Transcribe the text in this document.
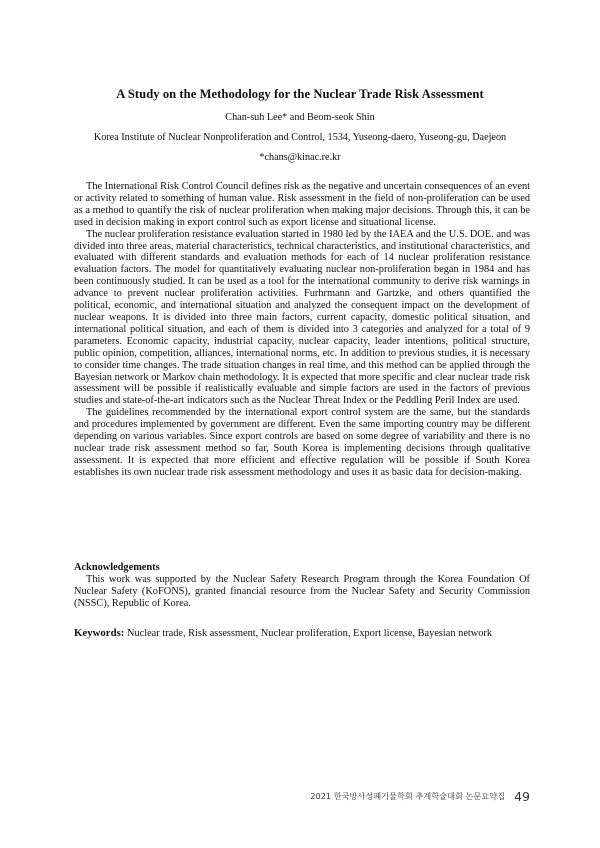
A Study on the Methodology for the Nuclear Trade Risk Assessment
Chan-suh Lee* and Beom-seok Shin
Korea Institute of Nuclear Nonproliferation and Control, 1534, Yuseong-daero, Yuseong-gu, Daejeon
*chans@kinac.re.kr

The International Risk Control Council defines risk as the negative and uncertain consequences of an event or activity related to something of human value. Risk assessment in the field of non-proliferation can be used as a method to quantify the risk of nuclear proliferation when making major decisions. Through this, it can be used in decision making in export control such as export license and situational license.

The nuclear proliferation resistance evaluation started in 1980 led by the IAEA and the U.S. DOE. and was divided into three areas, material characteristics, technical characteristics, and institutional characteristics, and evaluated with different standards and evaluation methods for each of 14 nuclear proliferation resistance evaluation factors. The model for quantitatively evaluating nuclear non-proliferation began in 1984 and has been continuously studied. It can be used as a tool for the international community to derive risk warnings in advance to prevent nuclear proliferation activities. Furhrmann and Gartzke, and others quantified the political, economic, and international situation and analyzed the consequent impact on the development of nuclear weapons. It is divided into three main factors, current capacity, domestic political situation, and international political situation, and each of them is divided into 3 categories and analyzed for a total of 9 parameters. Economic capacity, industrial capacity, nuclear capacity, leader intentions, political structure, public opinion, competition, alliances, international norms, etc. In addition to previous studies, it is necessary to consider time changes. The trade situation changes in real time, and this method can be applied through the Bayesian network or Markov chain methodology. It is expected that more specific and clear nuclear trade risk assessment will be possible if realistically evaluable and simple factors are used in the factors of previous studies and state-of-the-art indicators such as the Nuclear Threat Index or the Peddling Peril Index are used.

The guidelines recommended by the international export control system are the same, but the standards and procedures implemented by government are different. Even the same importing country may be different depending on various variables. Since export controls are based on some degree of variability and there is no nuclear trade risk assessment method so far, South Korea is implementing decisions through qualitative assessment. It is expected that more efficient and effective regulation will be possible if South Korea establishes its own nuclear trade risk assessment methodology and uses it as basic data for decision-making.

Acknowledgements

This work was supported by the Nuclear Safety Research Program through the Korea Foundation Of Nuclear Safety (KoFONS), granted financial resource from the Nuclear Safety and Security Commission (NSSC), Republic of Korea.

Keywords: Nuclear trade, Risk assessment, Nuclear proliferation, Export license, Bayesian network
2021 한국방사성폐기물학회 추계학술대회 논문요약집 49
